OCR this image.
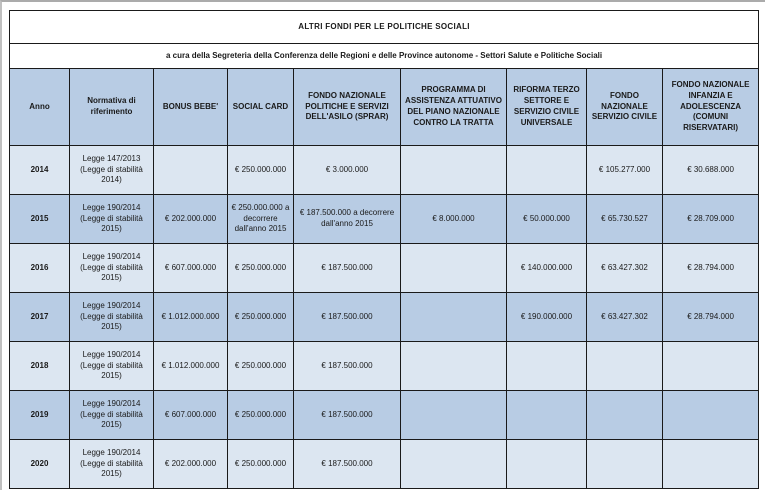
ALTRI FONDI PER LE POLITICHE SOCIALI								
a cura della Segreteria della Conferenza delle Regioni e delle Province autonome - Settori Salute e Politiche Sociali								
Anno	Normativa di riferimento	BONUS BEBE'	SOCIAL CARD	FONDO NAZIONALE POLITICHE E SERVIZI DELL'ASILO (SPRAR)	PROGRAMMA DI ASSISTENZA ATTUATIVO DEL PIANO NAZIONALE CONTRO LA TRATTA	RIFORMA TERZO SETTORE E SERVIZIO CIVILE UNIVERSALE	FONDO NAZIONALE SERVIZIO CIVILE	FONDO NAZIONALE INFANZIA E ADOLESCENZA (COMUNI RISERVATARI)
2014	Legge 147/2013 (Legge di stabilità 2014)		€ 250.000.000	€ 3.000.000			€ 105.277.000	€ 30.688.000
2015	Legge 190/2014 (Legge di stabilità 2015)	€ 202.000.000	€ 250.000.000 a decorrere dall'anno 2015	€ 187.500.000 a decorrere dall'anno 2015	€ 8.000.000	€ 50.000.000	€ 65.730.527	€ 28.709.000
2016	Legge 190/2014 (Legge di stabilità 2015)	€ 607.000.000	€ 250.000.000	€ 187.500.000		€ 140.000.000	€ 63.427.302	€ 28.794.000
2017	Legge 190/2014 (Legge di stabilità 2015)	€ 1.012.000.000	€ 250.000.000	€ 187.500.000		€ 190.000.000	€ 63.427.302	€ 28.794.000
2018	Legge 190/2014 (Legge di stabilità 2015)	€ 1.012.000.000	€ 250.000.000	€ 187.500.000				
2019	Legge 190/2014 (Legge di stabilità 2015)	€ 607.000.000	€ 250.000.000	€ 187.500.000				
2020	Legge 190/2014 (Legge di stabilità 2015)	€ 202.000.000	€ 250.000.000	€ 187.500.000				
